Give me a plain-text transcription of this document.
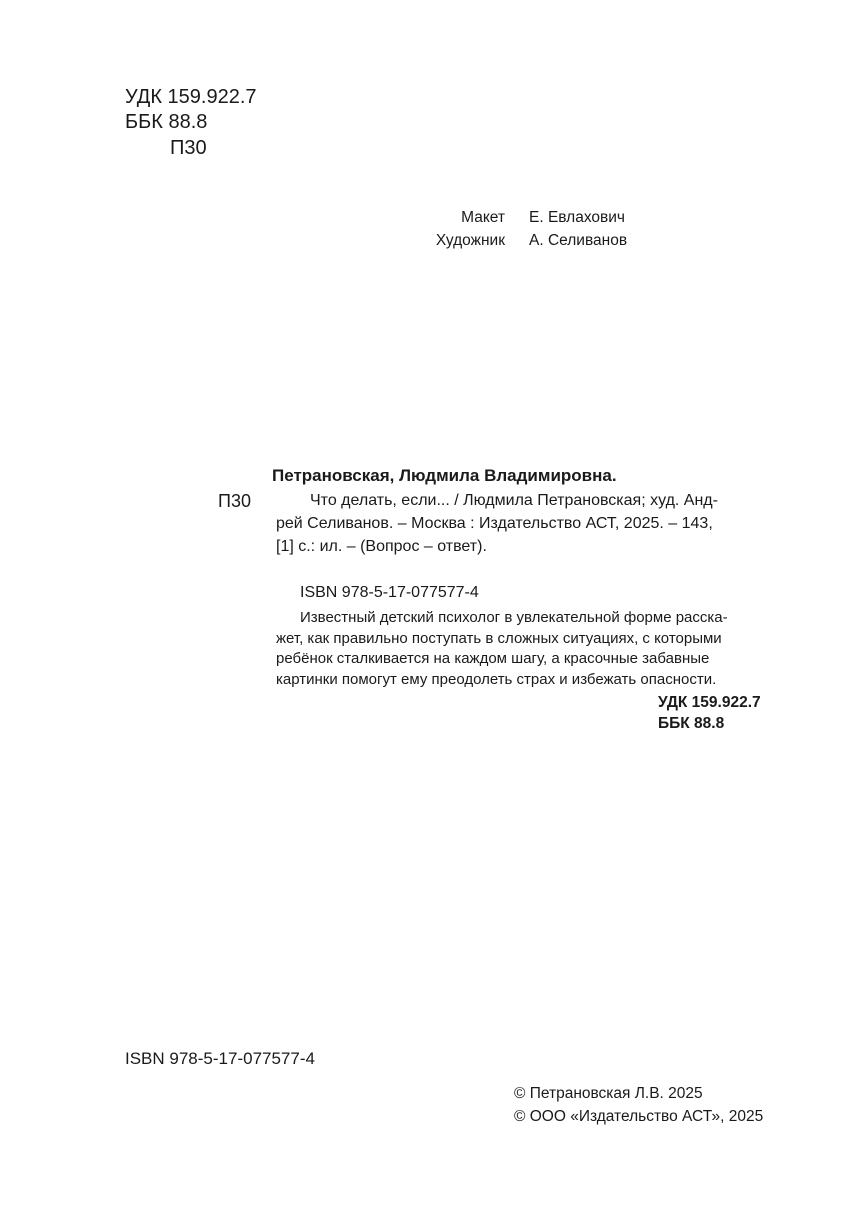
УДК 159.922.7
ББК 88.8
П30
Макет Е. Евлахович
Художник А. Селиванов
Петрановская, Людмила Владимировна.
П30	Что делать, если... / Людмила Петрановская; худ. Анд-
рей Селиванов. – Москва : Издательство АСТ, 2025. – 143,
[1] с.: ил. – (Вопрос – ответ).
ISBN 978-5-17-077577-4
Известный детский психолог в увлекательной форме расска-
жет, как правильно поступать в сложных ситуациях, с которыми
ребёнок сталкивается на каждом шагу, а красочные забавные
картинки помогут ему преодолеть страх и избежать опасности.
УДК 159.922.7
ББК 88.8
ISBN 978-5-17-077577-4
© Петрановская Л.В. 2025
© ООО «Издательство АСТ», 2025
